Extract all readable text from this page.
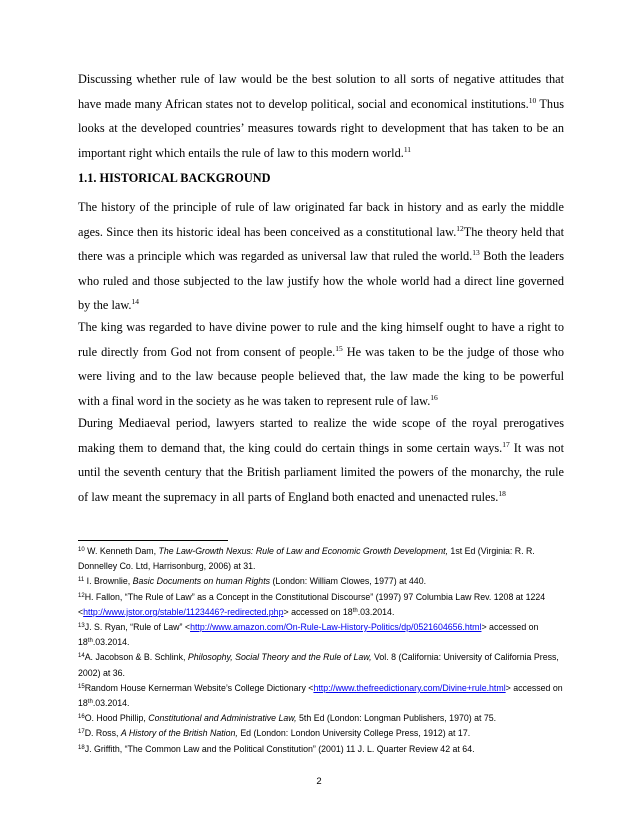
Discussing whether rule of law would be the best solution to all sorts of negative attitudes that have made many African states not to develop political, social and economical institutions.$^{10}$ Thus looks at the developed countries’ measures towards right to development that has taken to be an important right which entails the rule of law to this modern world.$^{11}$

1.1. HISTORICAL BACKGROUND

The history of the principle of rule of law originated far back in history and as early the middle ages. Since then its historic ideal has been conceived as a constitutional law.$^{12}$The theory held that there was a principle which was regarded as universal law that ruled the world.$^{13}$ Both the leaders who ruled and those subjected to the law justify how the whole world had a direct line governed by the law.$^{14}$

The king was regarded to have divine power to rule and the king himself ought to have a right to rule directly from God not from consent of people.$^{15}$ He was taken to be the judge of those who were living and to the law because people believed that, the law made the king to be powerful with a final word in the society as he was taken to represent rule of law.$^{16}$

During Mediaeval period, lawyers started to realize the wide scope of the royal prerogatives making them to demand that, the king could do certain things in some certain ways.$^{17}$ It was not until the seventh century that the British parliament limited the powers of the monarchy, the rule of law meant the supremacy in all parts of England both enacted and unenacted rules.$^{18}$

$^{10}$ W. Kenneth Dam, The Law-Growth Nexus: Rule of Law and Economic Growth Development, 1st Ed (Virginia: R. R. Donnelley Co. Ltd, Harrisonburg, 2006) at 31.

$^{11}$ I. Brownlie, Basic Documents on human Rights (London: William Clowes, 1977) at 440.

$^{12}$H. Fallon, “The Rule of Law” as a Concept in the Constitutional Discourse” (1997) 97 Columbia Law Rev. 1208 at 1224 <http://www.jstor.org/stable/1123446?-redirected.php> accessed on 18th.03.2014.

$^{13}$J. S. Ryan, “Rule of Law” <http://www.amazon.com/On-Rule-Law-History-Politics/dp/0521604656.html> accessed on 18th.03.2014.

$^{14}$A. Jacobson & B. Schlink, Philosophy, Social Theory and the Rule of Law, Vol. 8 (California: University of California Press, 2002) at 36.

$^{15}$Random House Kernerman Website’s College Dictionary <http://www.thefreedictionary.com/Divine+rule.html> accessed on 18th.03.2014.

$^{16}$O. Hood Phillip, Constitutional and Administrative Law, 5th Ed (London: Longman Publishers, 1970) at 75.

$^{17}$D. Ross, A History of the British Nation, Ed (London: London University College Press, 1912) at 17.

$^{18}$J. Griffith, “The Common Law and the Political Constitution” (2001) 11 J. L. Quarter Review 42 at 64.

2
